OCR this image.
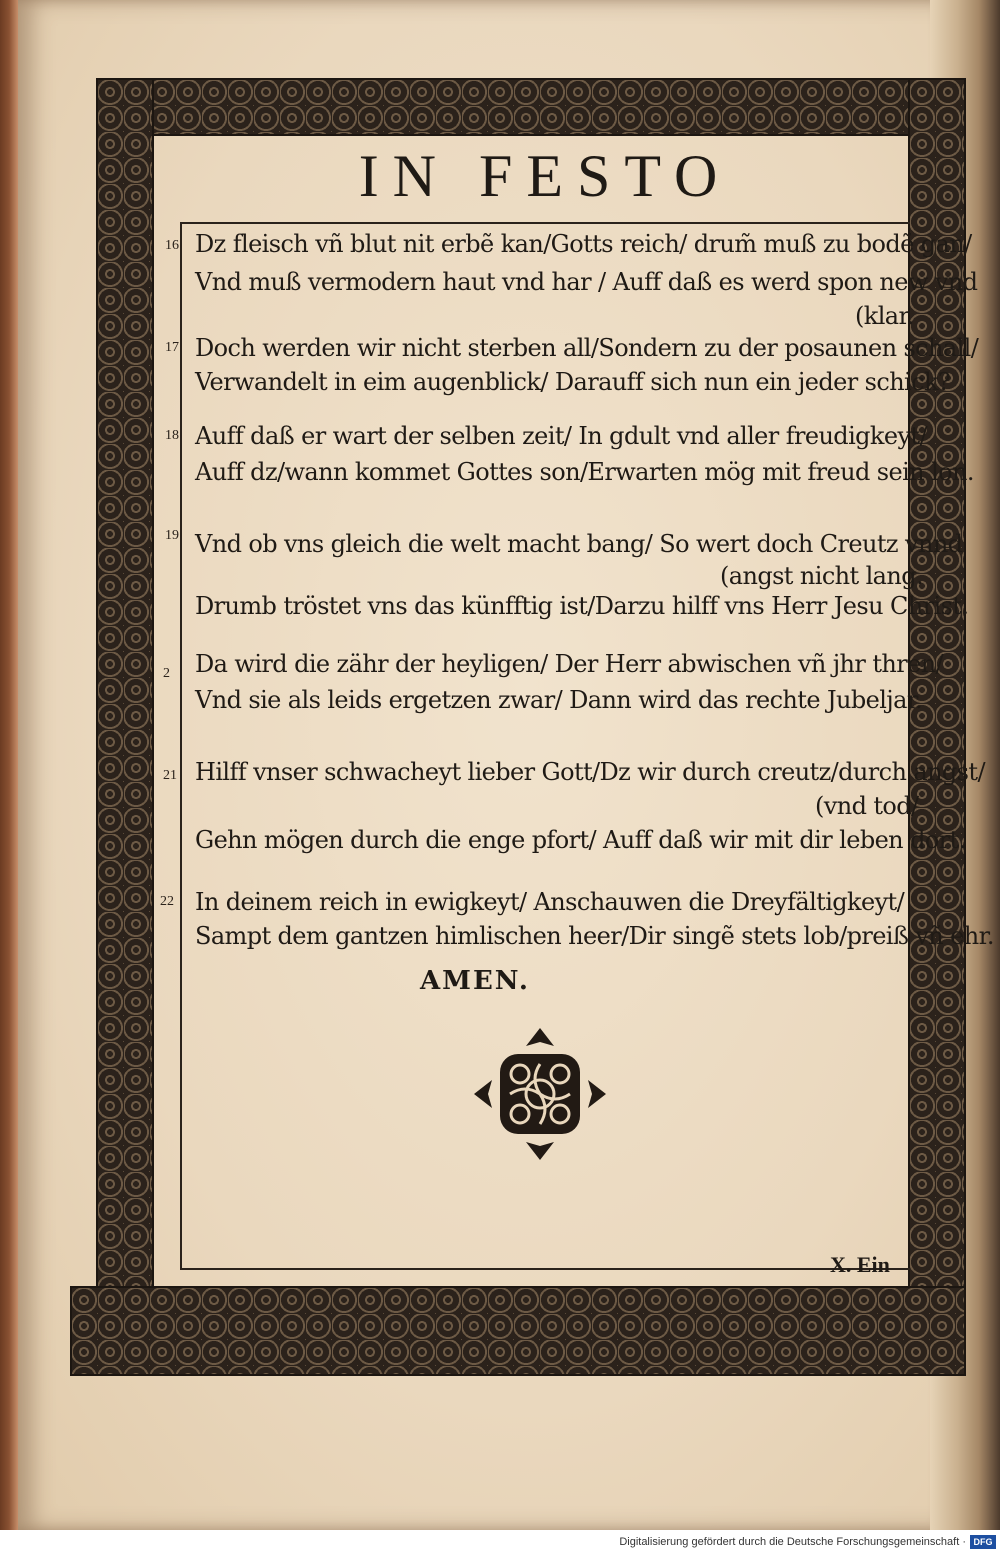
IN FESTO
16 Dz fleisch vñ blut nit erbẽ kan/Gotts reich/ drum̃ muß zu bodẽ gan/
Vnd muß vermodern haut vnd har / Auff daß es werd spon new vnd
(klar.
17 Doch werden wir nicht sterben all/Sondern zu der posaunen schall/
Verwandelt in eim augenblick/ Darauff sich nun ein jeder schick?
18 Auff daß er wart der selben zeit/ In gdult vnd aller freudigkeyt/
Auff dz/wann kommet Gottes son/Erwarten mög mit freud sein lon.
19 Vnd ob vns gleich die welt macht bang/ So wert doch Creutz vnnd
(angst nicht lang.
Drumb tröstet vns das künfftig ist/Darzu hilff vns Herr Jesu Christ.
2 Da wird die zähr der heyligen/ Der Herr abwischen vñ jhr thren/
Vnd sie als leids ergetzen zwar/ Dann wird das rechte Jubeljar.
21 Hilff vnser schwacheyt lieber Gott/Dz wir durch creutz/durch angst/
(vnd tod/
Gehn mögen durch die enge pfort/ Auff daß wir mit dir leben dort.
22 In deinem reich in ewigkeyt/ Anschauwen die Dreyfältigkeyt/
Sampt dem gantzen himlischen heer/Dir singẽ stets lob/preiß vñ ehr.
AMEN.
X. Ein
Digitalisierung gefördert durch die Deutsche Forschungsgemeinschaft · DFG
